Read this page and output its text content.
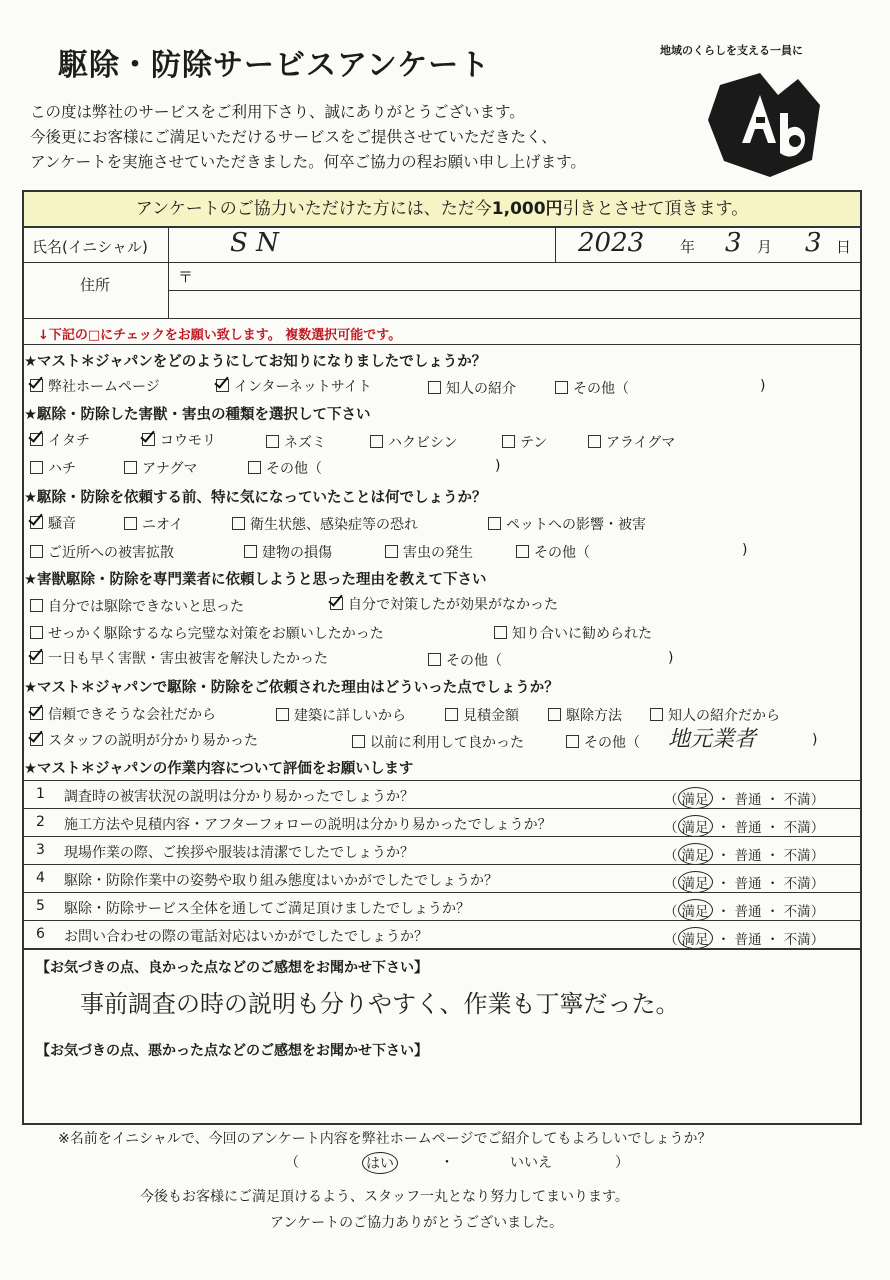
駆除・防除サービスアンケート
この度は弊社のサービスをご利用下さり、誠にありがとうございます。
今後更にお客様にご満足いただけるサービスをご提供させていただきたく、
アンケートを実施させていただきました。何卒ご協力の程お願い申し上げます。
地域のくらしを支える一員に
アンケートのご協力いただけた方には、ただ今1,000円引きとさせて頂きます。
氏名(イニシャル)	S N	2023 年 3 月 3 日
住所	〒
↓下記の□にチェックをお願い致します。 複数選択可能です。
★マスト＊ジャパンをどのようにしてお知りになりましたでしょうか？
弊社ホームページ	インターネットサイト	知人の紹介	その他（	)
★駆除・防除した害獣・害虫の種類を選択して下さい
イタチ	コウモリ	ネズミ	ハクビシン	テン	アライグマ
ハチ	アナグマ	その他（	)
★駆除・防除を依頼する前、特に気になっていたことは何でしょうか？
騒音	ニオイ	衛生状態、感染症等の恐れ	ペットへの影響・被害
ご近所への被害拡散	建物の損傷	害虫の発生	その他（	)
★害獣駆除・防除を専門業者に依頼しようと思った理由を教えて下さい
自分では駆除できないと思った	自分で対策したが効果がなかった
せっかく駆除するなら完璧な対策をお願いしたかった	知り合いに勧められた
一日も早く害獣・害虫被害を解決したかった	その他（	)
★マスト＊ジャパンで駆除・防除をご依頼された理由はどういった点でしょうか？
信頼できそうな会社だから	建築に詳しいから	見積金額	駆除方法	知人の紹介だから
スタッフの説明が分かり易かった	以前に利用して良かった	その他（ 地元業者	)
★マスト＊ジャパンの作業内容について評価をお願いします
1 調査時の被害状況の説明は分かり易かったでしょうか？	（ 満足 ・ 普通 ・ 不満）
2 施工方法や見積内容・アフターフォローの説明は分かり易かったでしょうか？	（ 満足 ・ 普通 ・ 不満）
3 現場作業の際、ご挨拶や服装は清潔でしたでしょうか？	（ 満足 ・ 普通 ・ 不満）
4 駆除・防除作業中の姿勢や取り組み態度はいかがでしたでしょうか？	（ 満足 ・ 普通 ・ 不満）
5 駆除・防除サービス全体を通してご満足頂けましたでしょうか？	（ 満足 ・ 普通 ・ 不満）
6 お問い合わせの際の電話対応はいかがでしたでしょうか？	（ 満足 ・ 普通 ・ 不満）
【お気づきの点、良かった点などのご感想をお聞かせ下さい】
事前調査の時の説明も分りやすく、作業も丁寧だった。
【お気づきの点、悪かった点などのご感想をお聞かせ下さい】
※名前をイニシャルで、今回のアンケート内容を弊社ホームページでご紹介してもよろしいでしょうか？
（	はい	・	いいえ	）
今後もお客様にご満足頂けるよう、スタッフ一丸となり努力してまいります。
アンケートのご協力ありがとうございました。
